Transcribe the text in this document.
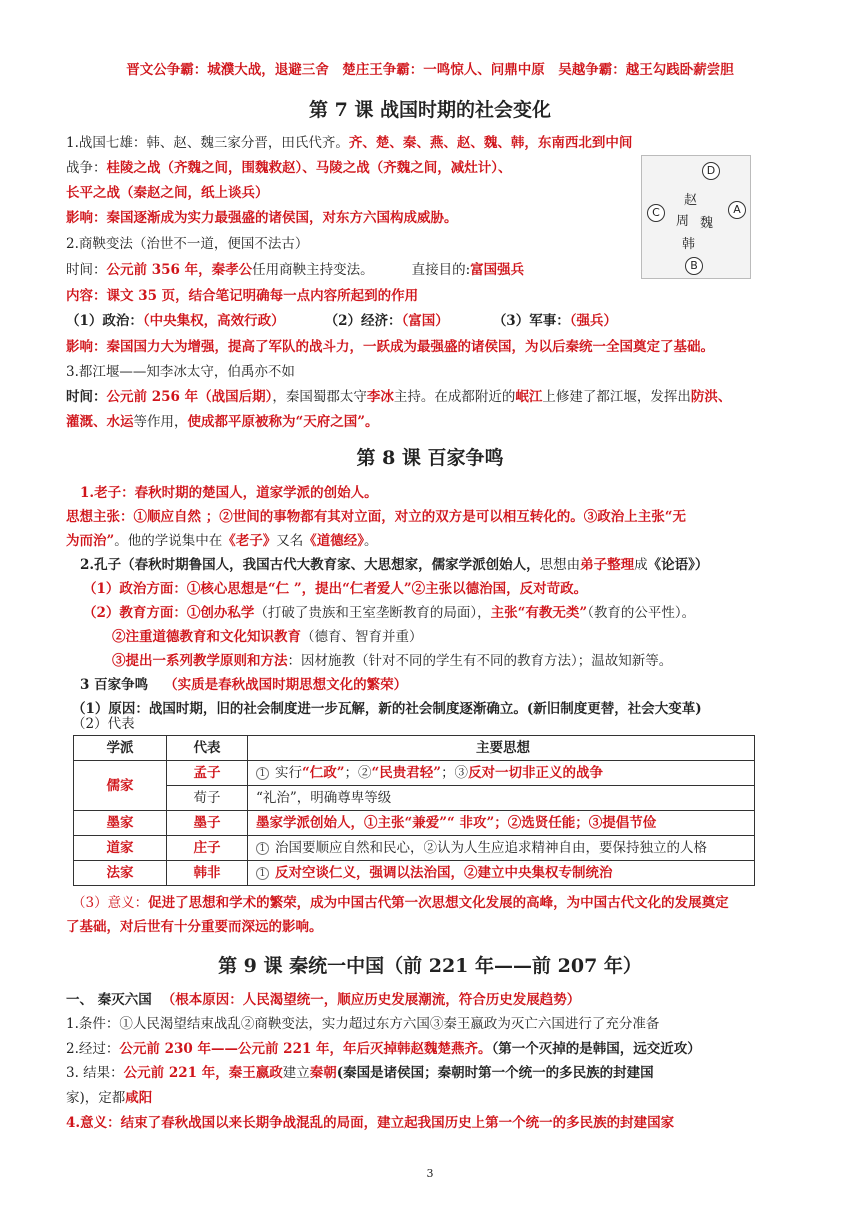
晋文公争霸：城濮大战，退避三舍　楚庄王争霸：一鸣惊人、问鼎中原　吴越争霸：越王勾践卧薪尝胆
第 7 课 战国时期的社会变化
1.战国七雄：韩、赵、魏三家分晋，田氏代齐。齐、楚、秦、燕、赵、魏、韩，东南西北到中间
战争：桂陵之战（齐魏之间，围魏救赵）、马陵之战（齐魏之间，减灶计）、
长平之战（秦赵之间，纸上谈兵）
影响：秦国逐渐成为实力最强盛的诸侯国，对东方六国构成威胁。
D
赵
C
周 魏
A
韩
B
2.商鞅变法（治世不一道，便国不法古）
时间：公元前 356 年，秦孝公任用商鞅主持变法。	直接目的:富国强兵
内容：课文 35 页，结合笔记明确每一点内容所起到的作用
（1）政治：（中央集权，高效行政）	（2）经济：（富国）	（3）军事：（强兵）
影响：秦国国力大为增强，提高了军队的战斗力，一跃成为最强盛的诸侯国，为以后秦统一全国奠定了基础。
3.都江堰——知李冰太守，伯禹亦不如
时间：公元前 256 年（战国后期），秦国蜀郡太守李冰主持。在成都附近的岷江上修建了都江堰，发挥出防洪、
灌溉、水运等作用，使成都平原被称为“天府之国”。
第 8 课 百家争鸣
1.老子：春秋时期的楚国人，道家学派的创始人。
思想主张：①顺应自然 ；②世间的事物都有其对立面，对立的双方是可以相互转化的。③政治上主张“无
为而治”。他的学说集中在《老子》又名《道德经》。
2.孔子（春秋时期鲁国人，我国古代大教育家、大思想家，儒家学派创始人，思想由弟子整理成《论语》）
（1）政治方面：①核心思想是“仁 ”，提出“仁者爱人”②主张以德治国，反对苛政。
（2）教育方面：①创办私学（打破了贵族和王室垄断教育的局面），主张“有教无类”（教育的公平性）。
②注重道德教育和文化知识教育（德育、智育并重）
③提出一系列教学原则和方法：因材施教（针对不同的学生有不同的教育方法）；温故知新等。
3 百家争鸣 （实质是春秋战国时期思想文化的繁荣）
（1）原因：战国时期，旧的社会制度进一步瓦解，新的社会制度逐渐确立。(新旧制度更替，社会大变革)
（2）代表
学派	代表	主要思想
儒家	孟子	1 实行“仁政”；②“民贵君轻”；③反对一切非正义的战争
	荀子	“礼治”，明确尊卑等级
墨家	墨子	墨家学派创始人，①主张“兼爱”“ 非攻”；②选贤任能；③提倡节俭
道家	庄子	1 治国要顺应自然和民心，②认为人生应追求精神自由，要保持独立的人格
法家	韩非	1 反对空谈仁义，强调以法治国，②建立中央集权专制统治
（3）意义：促进了思想和学术的繁荣，成为中国古代第一次思想文化发展的高峰，为中国古代文化的发展奠定
了基础，对后世有十分重要而深远的影响。
第 9 课 秦统一中国（前 221 年——前 207 年）
一、 秦灭六国 （根本原因：人民渴望统一，顺应历史发展潮流，符合历史发展趋势）
1.条件：①人民渴望结束战乱②商鞅变法，实力超过东方六国③秦王嬴政为灭亡六国进行了充分准备
2.经过：公元前 230 年——公元前 221 年，年后灭掉韩赵魏楚燕齐。（第一个灭掉的是韩国，远交近攻）
3. 结果：公元前 221 年，秦王嬴政建立秦朝(秦国是诸侯国；秦朝时第一个统一的多民族的封建国
家)，定都咸阳
4.意义：结束了春秋战国以来长期争战混乱的局面，建立起我国历史上第一个统一的多民族的封建国家
3
